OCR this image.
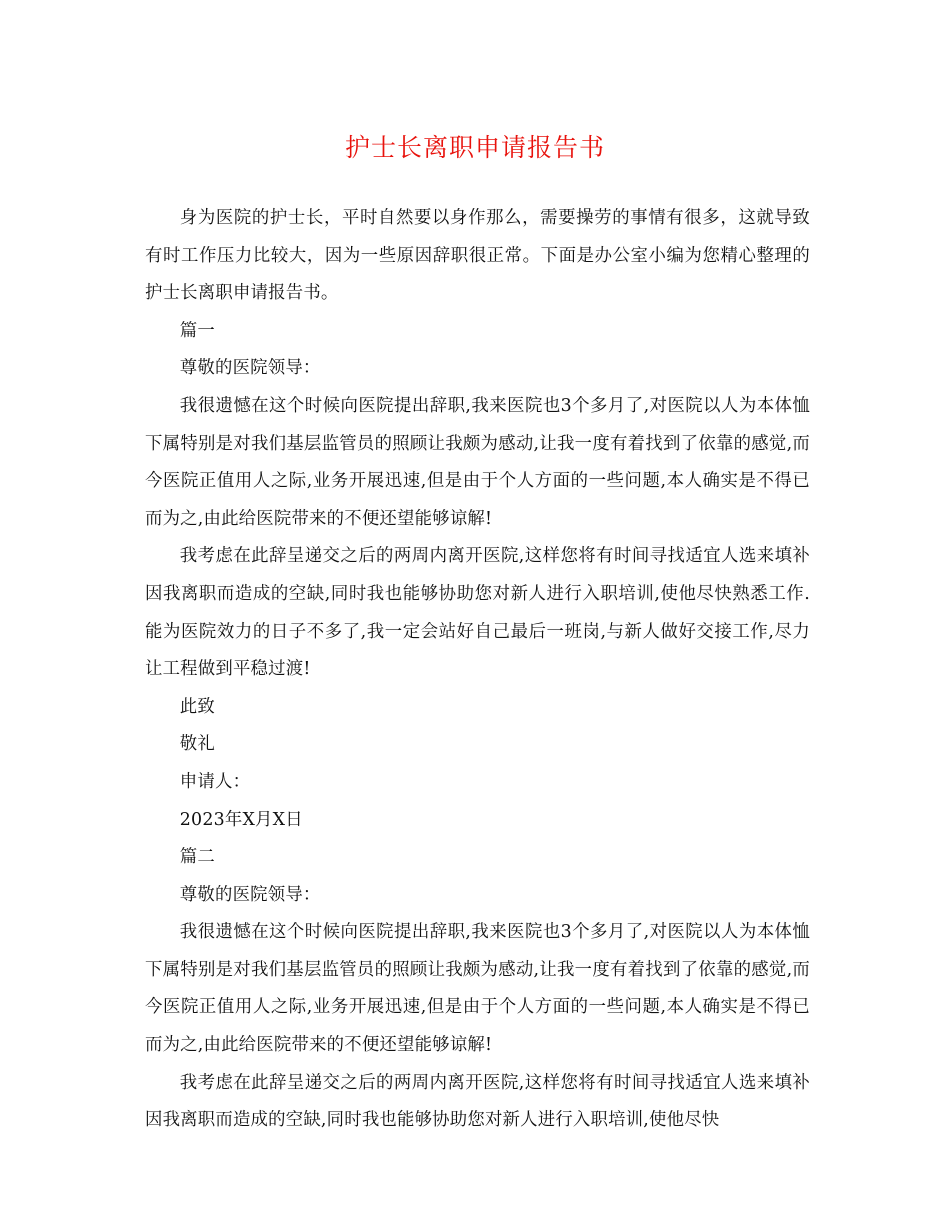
护士长离职申请报告书

身为医院的护士长，平时自然要以身作那么，需要操劳的事情有很多，这就导致有时工作压力比较大，因为一些原因辞职很正常。下面是办公室小编为您精心整理的护士长离职申请报告书。

篇一

尊敬的医院领导：

我很遗憾在这个时候向医院提出辞职,我来医院也3个多月了,对医院以人为本体恤下属特别是对我们基层监管员的照顾让我颇为感动,让我一度有着找到了依靠的感觉,而今医院正值用人之际,业务开展迅速,但是由于个人方面的一些问题,本人确实是不得已而为之,由此给医院带来的不便还望能够谅解!

我考虑在此辞呈递交之后的两周内离开医院,这样您将有时间寻找适宜人选来填补因我离职而造成的空缺,同时我也能够协助您对新人进行入职培训,使他尽快熟悉工作.能为医院效力的日子不多了,我一定会站好自己最后一班岗,与新人做好交接工作,尽力让工程做到平稳过渡!

此致

敬礼

申请人：

2023年X月X日

篇二

尊敬的医院领导：

我很遗憾在这个时候向医院提出辞职,我来医院也3个多月了,对医院以人为本体恤下属特别是对我们基层监管员的照顾让我颇为感动,让我一度有着找到了依靠的感觉,而今医院正值用人之际,业务开展迅速,但是由于个人方面的一些问题,本人确实是不得已而为之,由此给医院带来的不便还望能够谅解!

我考虑在此辞呈递交之后的两周内离开医院,这样您将有时间寻找适宜人选来填补因我离职而造成的空缺,同时我也能够协助您对新人进行入职培训,使他尽快
